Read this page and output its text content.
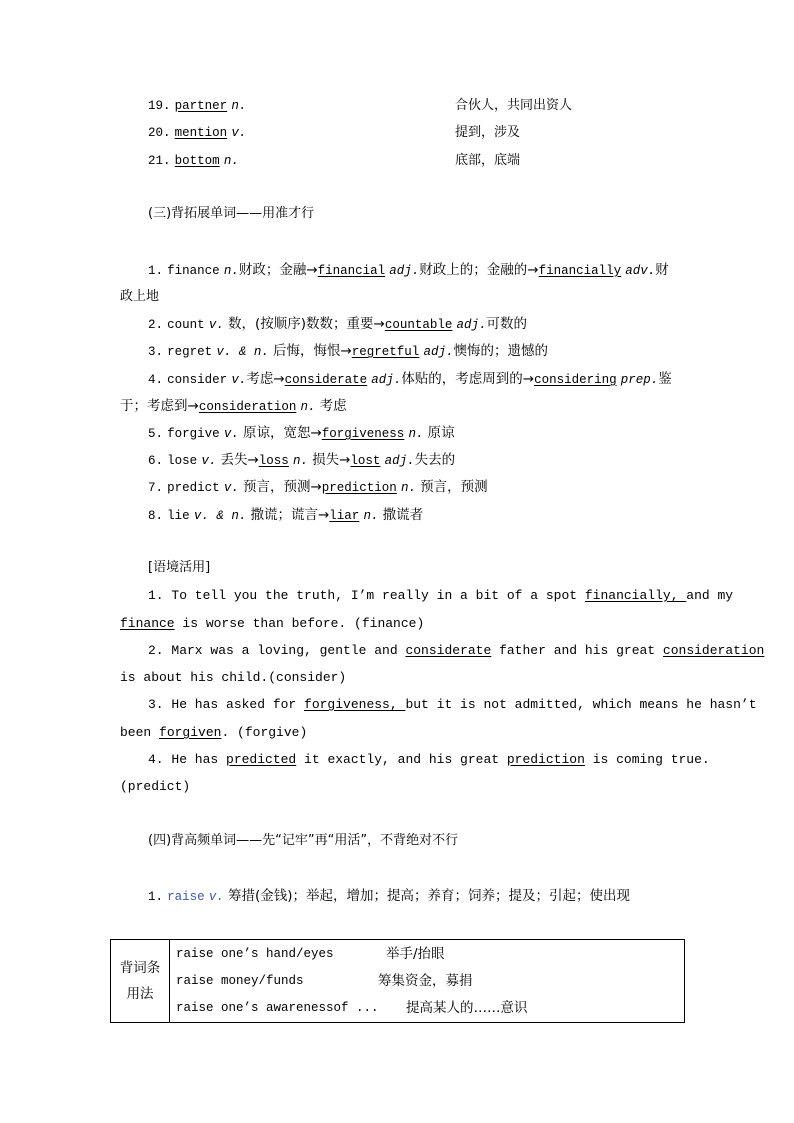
19. partner n.	合伙人，共同出资人
20. mention v.	提到，涉及
21. bottom n.	底部，底端
(三)背拓展单词——用准才行
1. finance n.财政；金融→financial adj.财政上的；金融的→financially adv.财
政上地
2. count v. 数，(按顺序)数数；重要→countable adj.可数的
3. regret v. & n. 后悔，悔恨→regretful adj.懊悔的；遗憾的
4. consider v.考虑→considerate adj.体贴的，考虑周到的→considering prep.鉴
于；考虑到→consideration n. 考虑
5. forgive v. 原谅，宽恕→forgiveness n. 原谅
6. lose v. 丢失→loss n. 损失→lost adj.失去的
7. predict v. 预言，预测→prediction n. 预言，预测
8. lie v. & n. 撒谎；谎言→liar n. 撒谎者
[语境活用]
1. To tell you the truth, I’m really in a bit of a spot financially, and my
finance is worse than before. (finance)
2. Marx was a loving, gentle and considerate father and his great consideration
is about his child.(consider)
3. He has asked for forgiveness, but it is not admitted, which means he hasn’t
been forgiven. (forgive)
4. He has predicted it exactly, and his great prediction is coming true.
(predict)
(四)背高频单词——先“记牢”再“用活”，不背绝对不行
1. raise v. 筹措(金钱)；举起，增加；提高；养育；饲养；提及；引起；使出现
背词条用法	
raise one’s hand/eyes	举手/抬眼
raise money/funds	筹集资金，募捐
raise one’s awarenessof ... 提高某人的……意识
